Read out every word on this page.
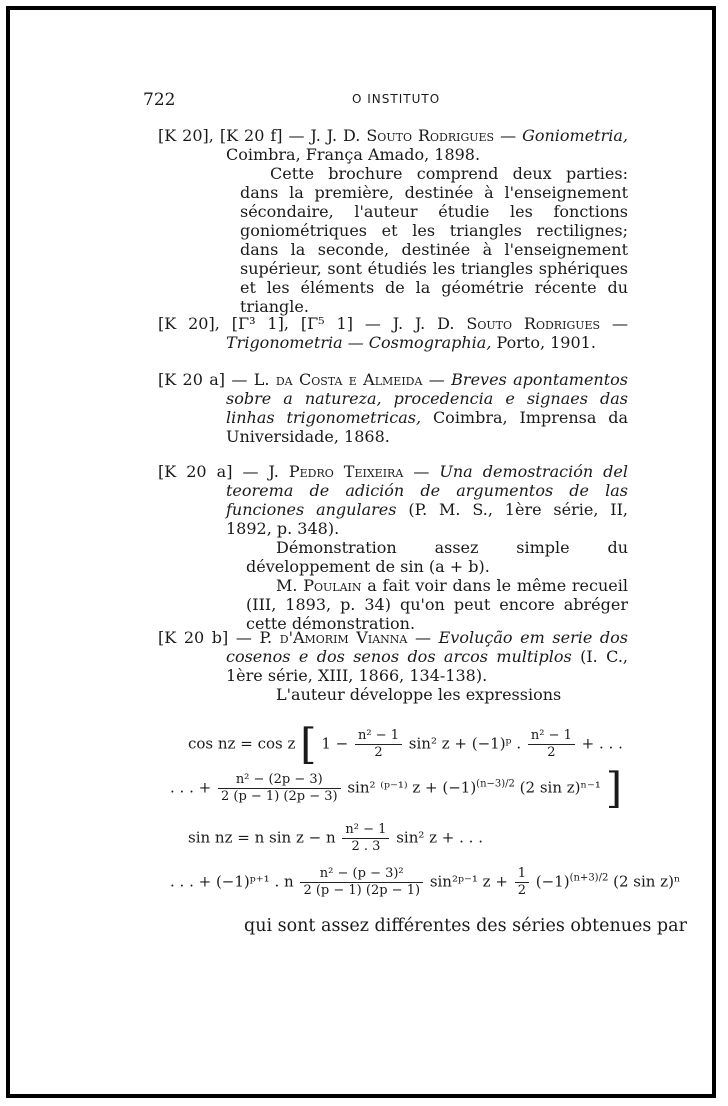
722	O INSTITUTO

[K 20], [K 20 f] — J. J. D. Souto Rodrigues — Goniometria, Coimbra, França Amado, 1898.

Cette brochure comprend deux parties: dans la première, destinée à l'enseignement sécondaire, l'auteur étudie les fonctions goniométriques et les triangles rectilignes; dans la seconde, destinée à l'enseignement supérieur, sont étudiés les triangles sphériques et les éléments de la géométrie récente du triangle.

[K 20], [Γ³ 1], [Γ⁵ 1] — J. J. D. Souto Rodrigues — Trigonometria — Cosmographia, Porto, 1901.

[K 20 a] — L. da Costa e Almeida — Breves apontamentos sobre a natureza, procedencia e signaes das linhas trigonometricas, Coimbra, Imprensa da Universidade, 1868.

[K 20 a] — J. Pedro Teixeira — Una demostración del teorema de adición de argumentos de las funciones angulares (P. M. S., 1ère série, II, 1892, p. 348).

Démonstration assez simple du développement de sin (a + b).

M. Poulain a fait voir dans le même recueil (III, 1893, p. 34) qu'on peut encore abréger cette démonstration.

[K 20 b] — P. d'Amorim Vianna — Evolução em serie dos cosenos e dos senos dos arcos multiplos (I. C., 1ère série, XIII, 1866, 134-138).

L'auteur développe les expressions

cos nz = cos z [ $1 - \frac{\text{n² − 1}}{2} \sin^2$ z + (−1)ᵖ . $\frac{\text{n² − 1}}{2}$ + . . .
. . . + $\frac{\text{n² − (2p − 3)}}{2 (p - 1) (2p - 3)} \sin^2$ ⁽ᵖ⁻¹⁾ $z + (-1)^{(n-3)/2}$ (2 sin z)ⁿ⁻¹ ]
sin nz = n sin z − n $\frac{\text{n² − 1}}{2 . 3} \sin^2$ z + . . .
. . . + (−1)ᵖ⁺¹ . n $\frac{\text{n² − (p − 3)²}}{2 (p - 1) (2p - 1)}$ sin²ᵖ⁻¹ $z + \frac{1}{2} (-1)^{(n+3)/2}$ (2 sin z)ⁿ
qui sont assez différentes des séries obtenues par
